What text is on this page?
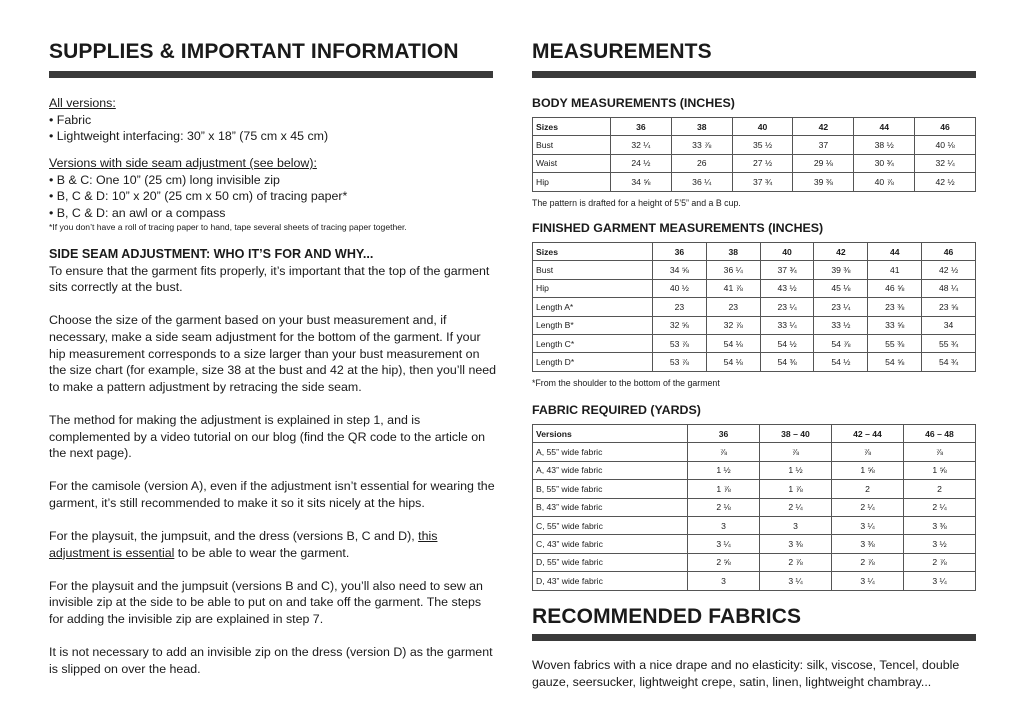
SUPPLIES & IMPORTANT INFORMATION

All versions:

• Fabric

• Lightweight interfacing: 30” x 18” (75 cm x 45 cm)

Versions with side seam adjustment (see below):

• B & C: One 10” (25 cm) long invisible zip

• B, C & D: 10” x 20” (25 cm x 50 cm) of tracing paper*

• B, C & D: an awl or a compass

*If you don’t have a roll of tracing paper to hand, tape several sheets of tracing paper together.

SIDE SEAM ADJUSTMENT: WHO IT’S FOR AND WHY...

To ensure that the garment fits properly, it’s important that the top of the garment sits correctly at the bust.

Choose the size of the garment based on your bust measurement and, if necessary, make a side seam adjustment for the bottom of the garment. If your hip measurement corresponds to a size larger than your bust measurement on the size chart (for example, size 38 at the bust and 42 at the hip), then you’ll need to make a pattern adjustment by retracing the side seam.

The method for making the adjustment is explained in step 1, and is complemented by a video tutorial on our blog (find the QR code to the article on the next page).

For the camisole (version A), even if the adjustment isn’t essential for wearing the garment, it’s still recommended to make it so it sits nicely at the hips.

For the playsuit, the jumpsuit, and the dress (versions B, C and D), this adjustment is essential to be able to wear the garment.

For the playsuit and the jumpsuit (versions B and C), you’ll also need to sew an invisible zip at the side to be able to put on and take off the garment. The steps for adding the invisible zip are explained in step 7.

It is not necessary to add an invisible zip on the dress (version D) as the garment is slipped on over the head.

MEASUREMENTS
BODY MEASUREMENTS (INCHES)
Sizes	36	38	40	42	44	46
Bust	32 ¼	33 ⅞	35 ½	37	38 ½	40 ⅛
Waist	24 ½	26	27 ½	29 ⅛	30 ¾	32 ¼
Hip	34 ⅝	36 ¼	37 ¾	39 ⅜	40 ⅞	42 ½
The pattern is drafted for a height of 5’5” and a B cup.
FINISHED GARMENT MEASUREMENTS (INCHES)
Sizes	36	38	40	42	44	46
Bust	34 ⅝	36 ¼	37 ¾	39 ⅜	41	42 ½
Hip	40 ½	41 ⅞	43 ½	45 ⅛	46 ⅝	48 ¼
Length A*	23	23	23 ¼	23 ¼	23 ⅜	23 ⅝
Length B*	32 ⅝	32 ⅞	33 ¼	33 ½	33 ⅝	34
Length C*	53 ⅞	54 ⅛	54 ½	54 ⅞	55 ⅜	55 ¾
Length D*	53 ⅞	54 ⅛	54 ⅜	54 ½	54 ⅝	54 ¾
*From the shoulder to the bottom of the garment
FABRIC REQUIRED (YARDS)
Versions	36	38 – 40	42 – 44	46 – 48
A, 55” wide fabric	⅞	⅞	⅞	⅞
A, 43” wide fabric	1 ½	1 ½	1 ⅝	1 ⅝
B, 55” wide fabric	1 ⅞	1 ⅞	2	2
B, 43” wide fabric	2 ⅛	2 ¼	2 ¼	2 ¼
C, 55” wide fabric	3	3	3 ¼	3 ⅜
C, 43” wide fabric	3 ¼	3 ⅜	3 ⅜	3 ½
D, 55” wide fabric	2 ⅝	2 ⅞	2 ⅞	2 ⅞
D, 43” wide fabric	3	3 ¼	3 ¼	3 ¼
RECOMMENDED FABRICS
Woven fabrics with a nice drape and no elasticity: silk, viscose, Tencel, double gauze, seersucker, lightweight crepe, satin, linen, lightweight chambray...
